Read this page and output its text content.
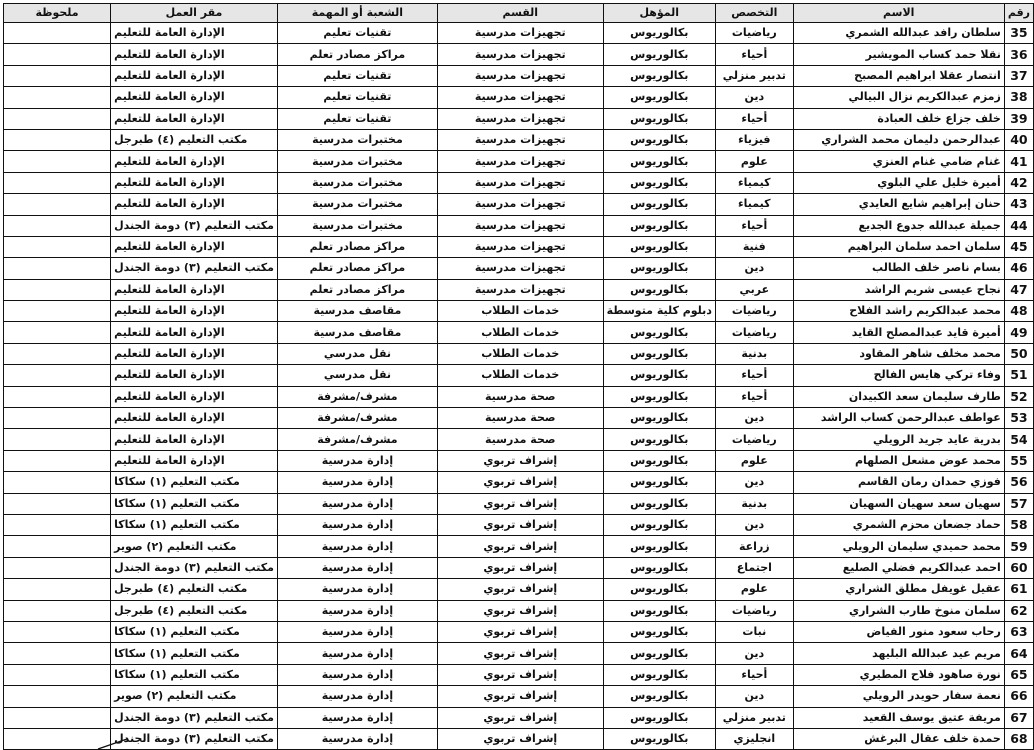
رقم	الاسم	التخصص	المؤهل	القسم	الشعبة أو المهمة	مقر العمل	ملحوظة
35	سلطان رافد عبدالله الشمري	رياضيات	بكالوريوس	تجهيزات مدرسية	تقنيات تعليم	الإدارة العامة للتعليم	
36	نقلا حمد كساب المويشير	أحياء	بكالوريوس	تجهيزات مدرسية	مراكز مصادر تعلم	الإدارة العامة للتعليم	
37	انتصار عقلا ابراهيم المصبح	تدبير منزلي	بكالوريوس	تجهيزات مدرسية	تقنيات تعليم	الإدارة العامة للتعليم	
38	زمزم عبدالكريم نزال البيالي	دين	بكالوريوس	تجهيزات مدرسية	تقنيات تعليم	الإدارة العامة للتعليم	
39	خلف جزاع خلف العبادة	أحياء	بكالوريوس	تجهيزات مدرسية	تقنيات تعليم	الإدارة العامة للتعليم	
40	عبدالرحمن دليمان محمد الشراري	فيزياء	بكالوريوس	تجهيزات مدرسية	مختبرات مدرسية	مكتب التعليم (٤) طبرجل	
41	غنام ضامي غنام العنزي	علوم	بكالوريوس	تجهيزات مدرسية	مختبرات مدرسية	الإدارة العامة للتعليم	
42	أميرة خليل علي البلوي	كيمياء	بكالوريوس	تجهيزات مدرسية	مختبرات مدرسية	الإدارة العامة للتعليم	
43	حنان إبراهيم شايع العايدي	كيمياء	بكالوريوس	تجهيزات مدرسية	مختبرات مدرسية	الإدارة العامة للتعليم	
44	جميلة عبدالله جدوع الجديع	أحياء	بكالوريوس	تجهيزات مدرسية	مختبرات مدرسية	مكتب التعليم (٣) دومة الجندل	
45	سلمان احمد سلمان البراهيم	فنية	بكالوريوس	تجهيزات مدرسية	مراكز مصادر تعلم	الإدارة العامة للتعليم	
46	بسام ناصر خلف الطالب	دين	بكالوريوس	تجهيزات مدرسية	مراكز مصادر تعلم	مكتب التعليم (٣) دومة الجندل	
47	نجاح عيسى شريم الراشد	عربي	بكالوريوس	تجهيزات مدرسية	مراكز مصادر تعلم	الإدارة العامة للتعليم	
48	محمد عبدالكريم راشد الفلاح	رياضيات	دبلوم كلية متوسطة	خدمات الطلاب	مقاصف مدرسية	الإدارة العامة للتعليم	
49	أميرة قايد عبدالمصلح القايد	رياضيات	بكالوريوس	خدمات الطلاب	مقاصف مدرسية	الإدارة العامة للتعليم	
50	محمد مخلف شاهر المقاود	بدنية	بكالوريوس	خدمات الطلاب	نقل مدرسي	الإدارة العامة للتعليم	
51	وفاء تركي هايس الفالح	أحياء	بكالوريوس	خدمات الطلاب	نقل مدرسي	الإدارة العامة للتعليم	
52	طارف سليمان سعد الكبيدان	أحياء	بكالوريوس	صحة مدرسية	مشرف/مشرفة	الإدارة العامة للتعليم	
53	عواطف عبدالرحمن كساب الراشد	دين	بكالوريوس	صحة مدرسية	مشرف/مشرفة	الإدارة العامة للتعليم	
54	بدرية عايد جريد الرويلي	رياضيات	بكالوريوس	صحة مدرسية	مشرف/مشرفة	الإدارة العامة للتعليم	
55	محمد عوض مشعل الصلهام	علوم	بكالوريوس	إشراف تربوي	إدارة مدرسية	الإدارة العامة للتعليم	
56	فوزي حمدان رمان القاسم	دين	بكالوريوس	إشراف تربوي	إدارة مدرسية	مكتب التعليم (١) سكاكا	
57	سهيان سعد سهيان السهيان	بدنية	بكالوريوس	إشراف تربوي	إدارة مدرسية	مكتب التعليم (١) سكاكا	
58	حماد جضعان محزم الشمري	دين	بكالوريوس	إشراف تربوي	إدارة مدرسية	مكتب التعليم (١) سكاكا	
59	محمد حميدي سليمان الرويلي	زراعة	بكالوريوس	إشراف تربوي	إدارة مدرسية	مكتب التعليم (٢) صوير	
60	احمد عبدالكريم فضلي الصليع	اجتماع	بكالوريوس	إشراف تربوي	إدارة مدرسية	مكتب التعليم (٣) دومة الجندل	
61	عقيل غويفل مطلق الشراري	علوم	بكالوريوس	إشراف تربوي	إدارة مدرسية	مكتب التعليم (٤) طبرجل	
62	سلمان منوخ طارب الشراري	رياضيات	بكالوريوس	إشراف تربوي	إدارة مدرسية	مكتب التعليم (٤) طبرجل	
63	رحاب سعود منور الفياض	نبات	بكالوريوس	إشراف تربوي	إدارة مدرسية	مكتب التعليم (١) سكاكا	
64	مريم عيد عبدالله البليهد	دين	بكالوريوس	إشراف تربوي	إدارة مدرسية	مكتب التعليم (١) سكاكا	
65	نورة صاهود فلاح المطيري	أحياء	بكالوريوس	إشراف تربوي	إدارة مدرسية	مكتب التعليم (١) سكاكا	
66	نعمة سفار حويدر الرويلي	دين	بكالوريوس	إشراف تربوي	إدارة مدرسية	مكتب التعليم (٢) صوير	
67	مريفة عتيق يوسف القعيد	تدبير منزلي	بكالوريوس	إشراف تربوي	إدارة مدرسية	مكتب التعليم (٣) دومة الجندل	
68	حمدة خلف عقال البرغش	انجليزي	بكالوريوس	إشراف تربوي	إدارة مدرسية	مكتب التعليم (٣) دومة الجندل	
